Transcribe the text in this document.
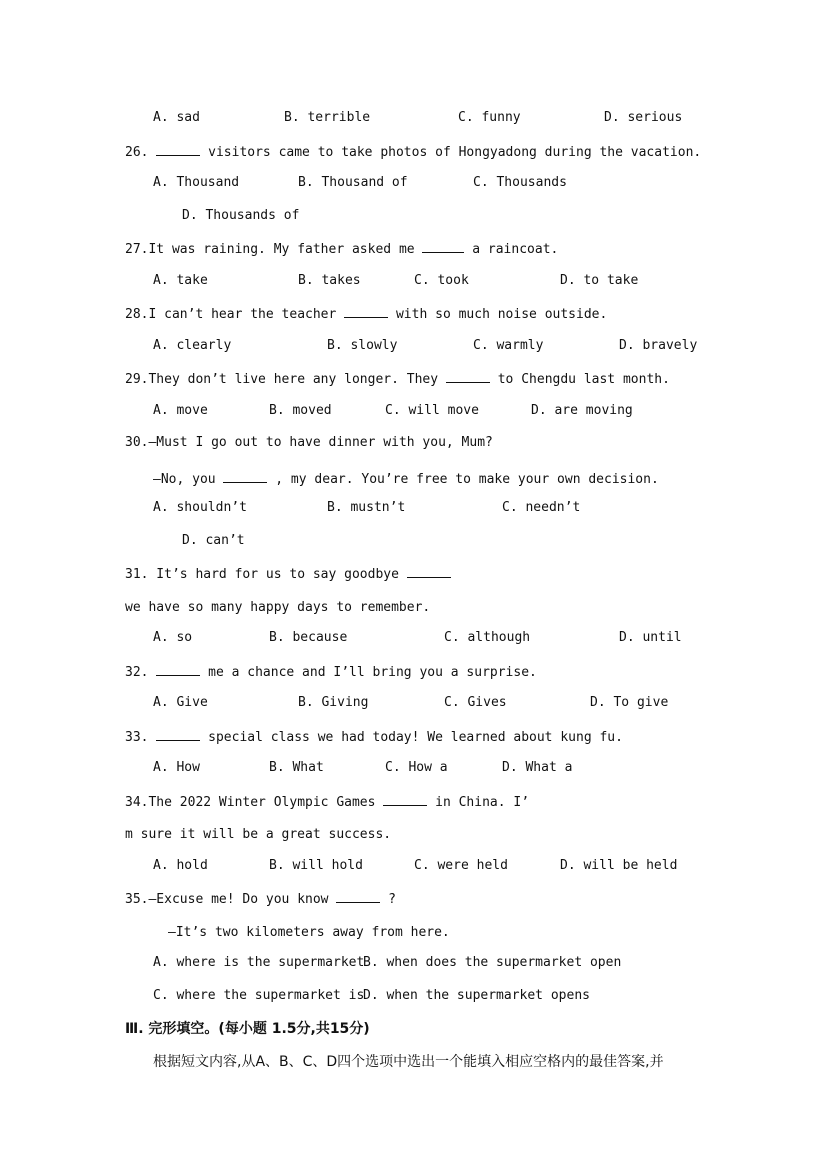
A. sad	B. terrible	C. funny	D. serious
26.	visitors came to take photos of Hongyadong during the vacation.
A. Thousand	B. Thousand of	C. Thousands
D. Thousands of
27.It was raining. My father asked me	a raincoat.
A. take	B. takes	C. took	D. to take
28.I can’t hear the teacher	with so much noise outside.
A. clearly	B. slowly	C. warmly	D. bravely
29.They don’t live here any longer. They	to Chengdu last month.
A. move	B. moved	C. will move	D. are moving
30.—Must I go out to have dinner with you, Mum?
—No, you	, my dear. You’re free to make your own decision.
A. shouldn’t	B. mustn’t	C. needn’t
D. can’t
31. It’s hard for us to say goodbye
we have so many happy days to remember.
A. so	B. because	C. although	D. until
32.	me a chance and I’ll bring you a surprise.
A. Give	B. Giving	C. Gives	D. To give
33.	special class we had today! We learned about kung fu.
A. How	B. What	C. How a	D. What a
34.The 2022 Winter Olympic Games	in China. I’
m sure it will be a great success.
A. hold	B. will hold	C. were held	D. will be held
35.—Excuse me! Do you know	?
—It’s two kilometers away from here.
A. where is the supermarket
B. when does the supermarket open
C. where the supermarket is
D. when the supermarket opens
Ⅲ. 完形填空。(每小题 1.5分,共15分)
根据短文内容,从A、B、C、D四个选项中选出一个能填入相应空格内的最佳答案,并
